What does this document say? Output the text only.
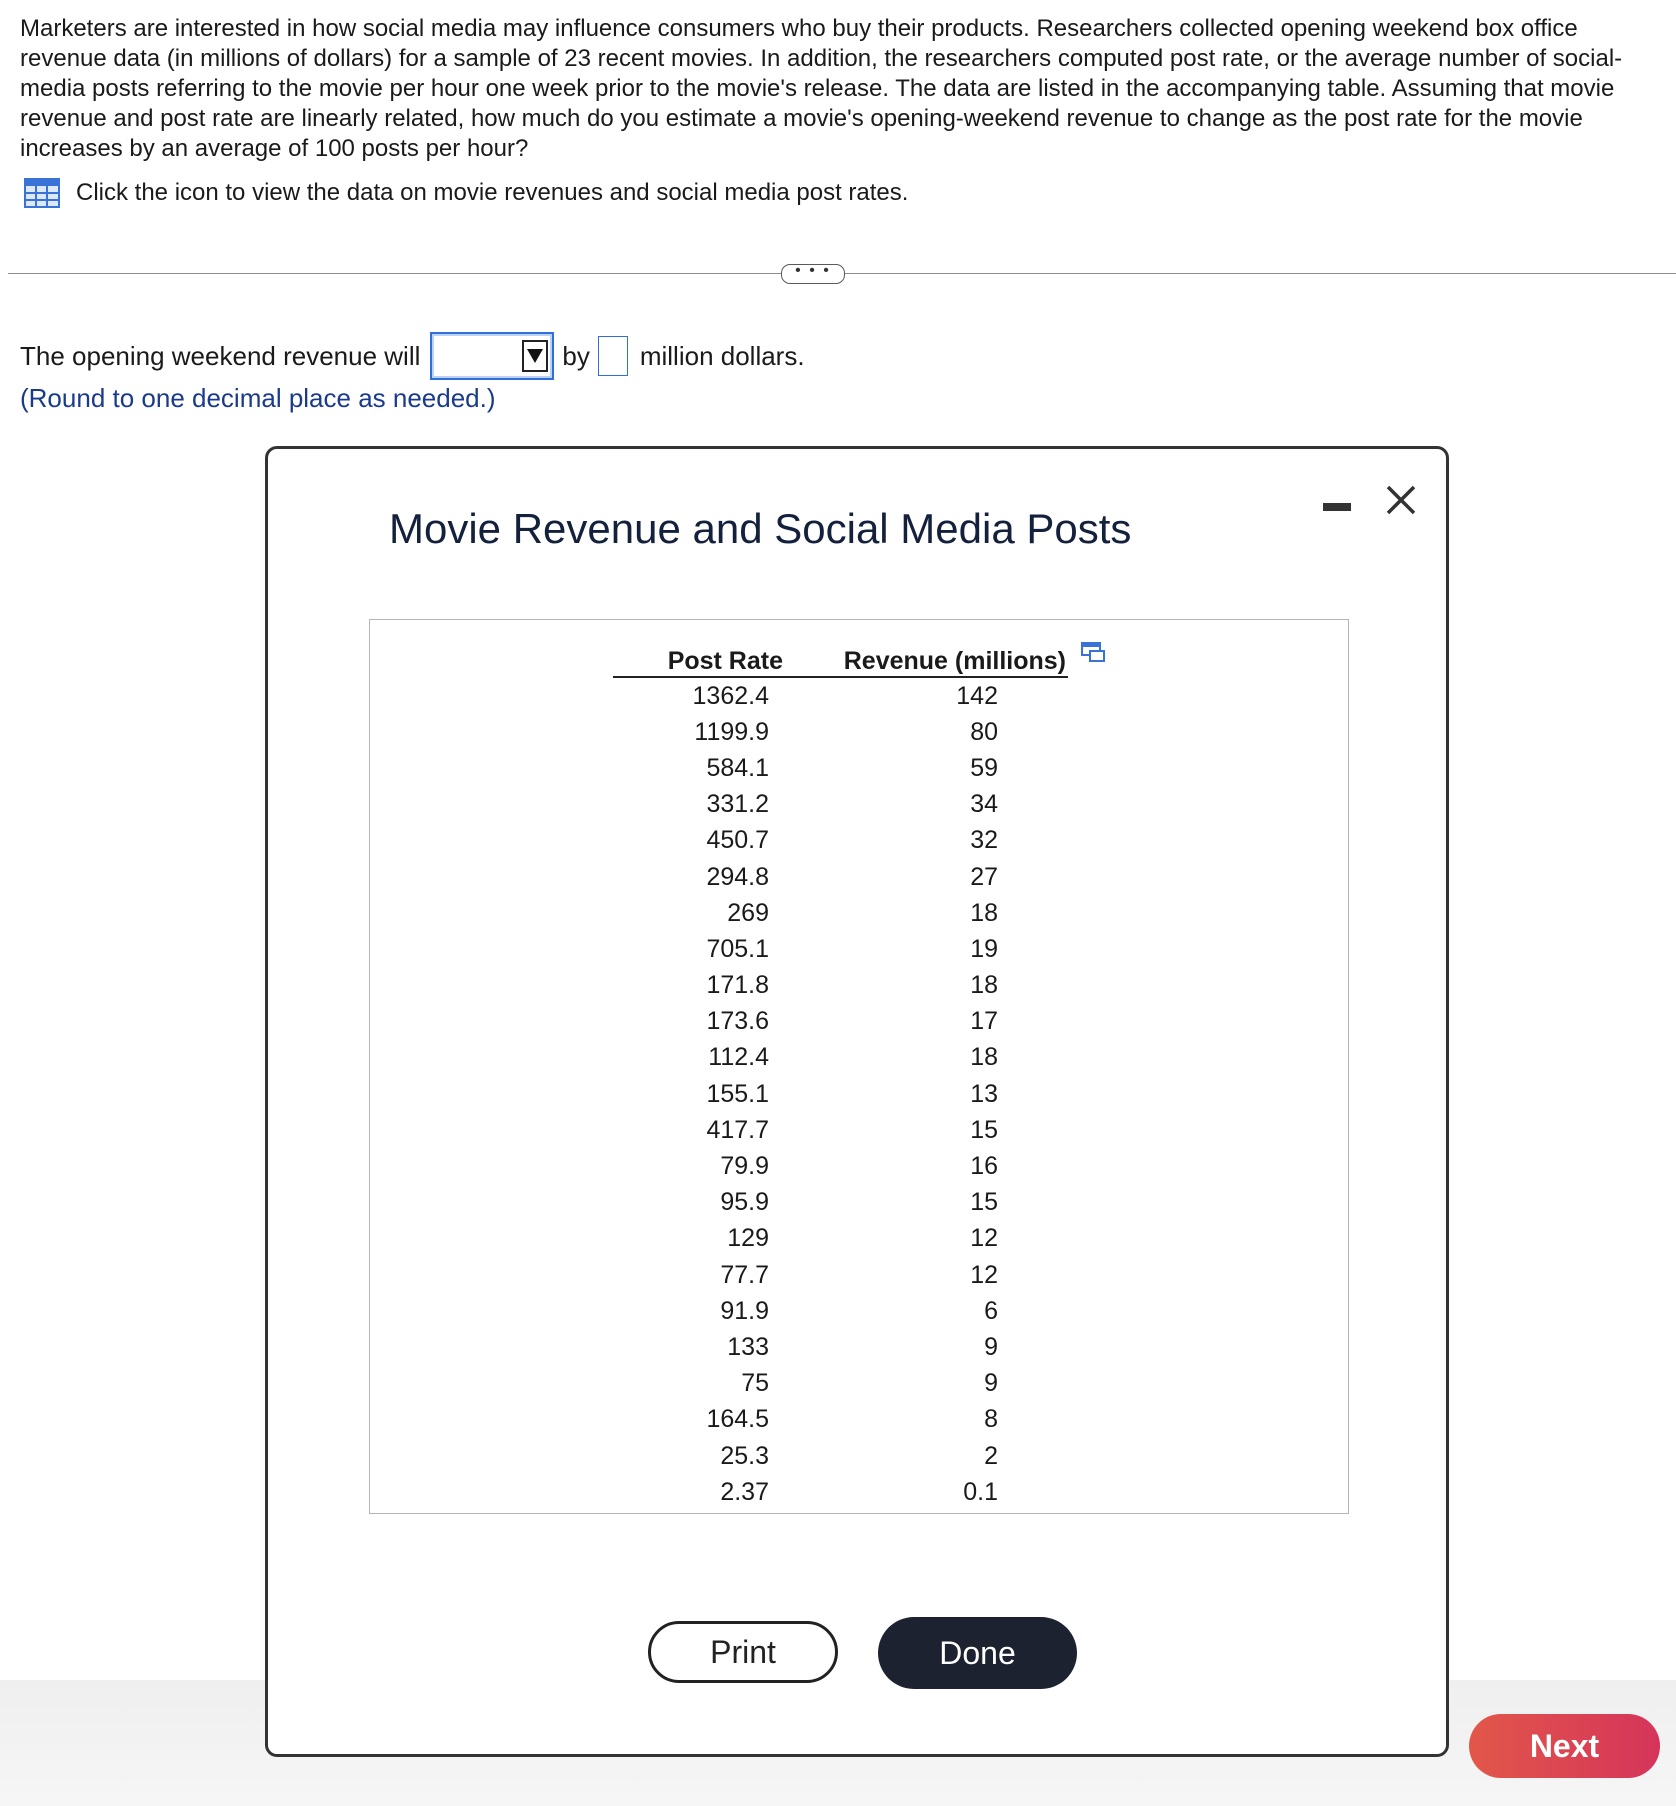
Marketers are interested in how social media may influence consumers who buy their products. Researchers collected opening weekend box office revenue data (in millions of dollars) for a sample of 23 recent movies. In addition, the researchers computed post rate, or the average number of social-media posts referring to the movie per hour one week prior to the movie's release. The data are listed in the accompanying table. Assuming that movie revenue and post rate are linearly related, how much do you estimate a movie's opening-weekend revenue to change as the post rate for the movie increases by an average of 100 posts per hour?
Click the icon to view the data on movie revenues and social media post rates.
• • •
The opening weekend revenue will	by million dollars.
(Round to one decimal place as needed.)
Next
Movie Revenue and Social Media Posts
Post Rate	Revenue (millions)
1362.4	142
1199.9	80
584.1	59
331.2	34
450.7	32
294.8	27
269	18
705.1	19
171.8	18
173.6	17
112.4	18
155.1	13
417.7	15
79.9	16
95.9	15
129	12
77.7	12
91.9	6
133	9
75	9
164.5	8
25.3	2
2.37	0.1
Print	Done
